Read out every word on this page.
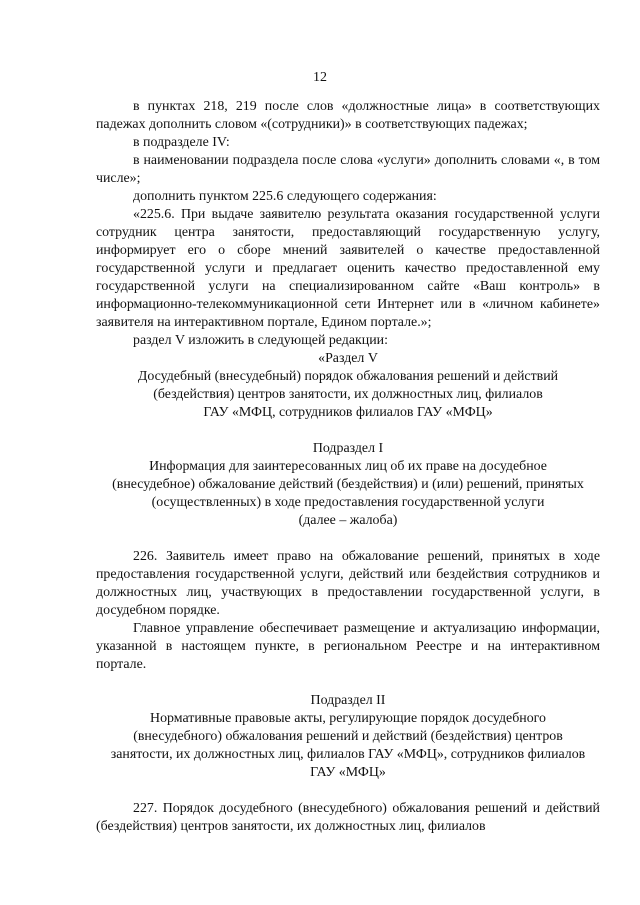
12

в пунктах 218, 219 после слов «должностные лица» в соответствующих падежах дополнить словом «(сотрудники)» в соответствующих падежах;

в подразделе IV:

в наименовании подраздела после слова «услуги» дополнить словами «, в том числе»;

дополнить пунктом 225.6 следующего содержания:

«225.6. При выдаче заявителю результата оказания государственной услуги сотрудник центра занятости, предоставляющий государственную услугу, информирует его о сборе мнений заявителей о качестве предоставленной государственной услуги и предлагает оценить качество предоставленной ему государственной услуги на специализированном сайте «Ваш контроль» в информационно-телекоммуникационной сети Интернет или в «личном кабинете» заявителя на интерактивном портале, Едином портале.»;

раздел V изложить в следующей редакции:

«Раздел V

Досудебный (внесудебный) порядок обжалования решений и действий

(бездействия) центров занятости, их должностных лиц, филиалов

ГАУ «МФЦ, сотрудников филиалов ГАУ «МФЦ»

Подраздел I

Информация для заинтересованных лиц об их праве на досудебное

(внесудебное) обжалование действий (бездействия) и (или) решений, принятых

(осуществленных) в ходе предоставления государственной услуги

(далее – жалоба)

226. Заявитель имеет право на обжалование решений, принятых в ходе предоставления государственной услуги, действий или бездействия сотрудников и должностных лиц, участвующих в предоставлении государственной услуги, в досудебном порядке.

Главное управление обеспечивает размещение и актуализацию информации, указанной в настоящем пункте, в региональном Реестре и на интерактивном портале.

Подраздел II

Нормативные правовые акты, регулирующие порядок досудебного

(внесудебного) обжалования решений и действий (бездействия) центров

занятости, их должностных лиц, филиалов ГАУ «МФЦ», сотрудников филиалов

ГАУ «МФЦ»

227. Порядок досудебного (внесудебного) обжалования решений и действий (бездействия) центров занятости, их должностных лиц, филиалов
